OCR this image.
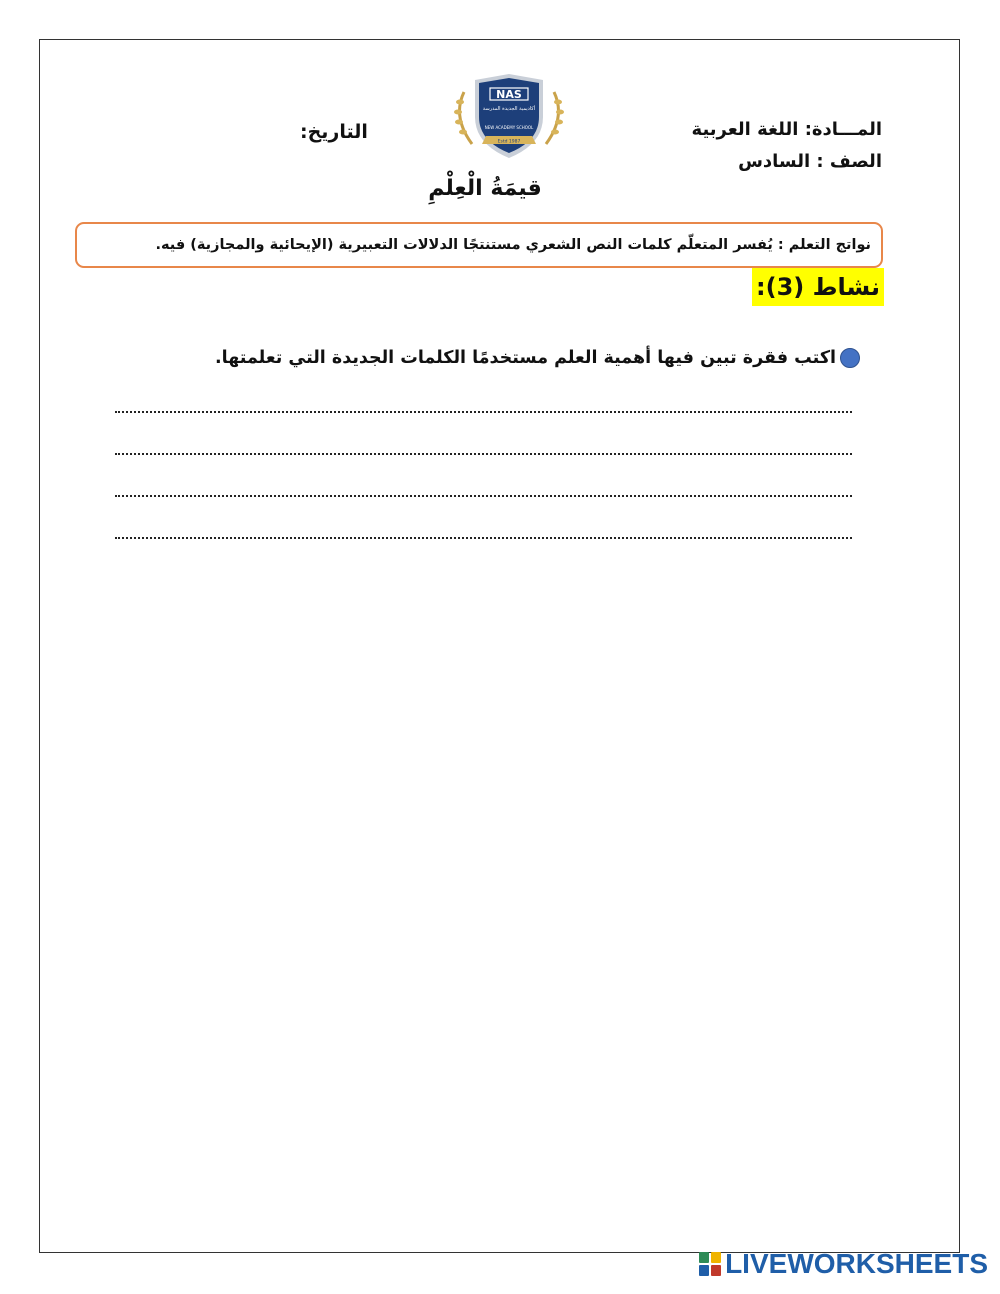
NAS
أكاديمية الجديدة المدرسة
NEW ACADEMY SCHOOL
Estd 1987
المـــادة: اللغة العربية
الصف : السادس
التاريخ:
قيمَةُ الْعِلْمِ
نواتج التعلم : يُفسر المتعلّم كلمات النص الشعري مستنتجًا الدلالات التعبيرية (الإيحائية والمجازية) فيه.
نشاط (3):
اكتب فقرة تبين فيها أهمية العلم مستخدمًا الكلمات الجديدة التي تعلمتها.
LIVEWORKSHEETS
